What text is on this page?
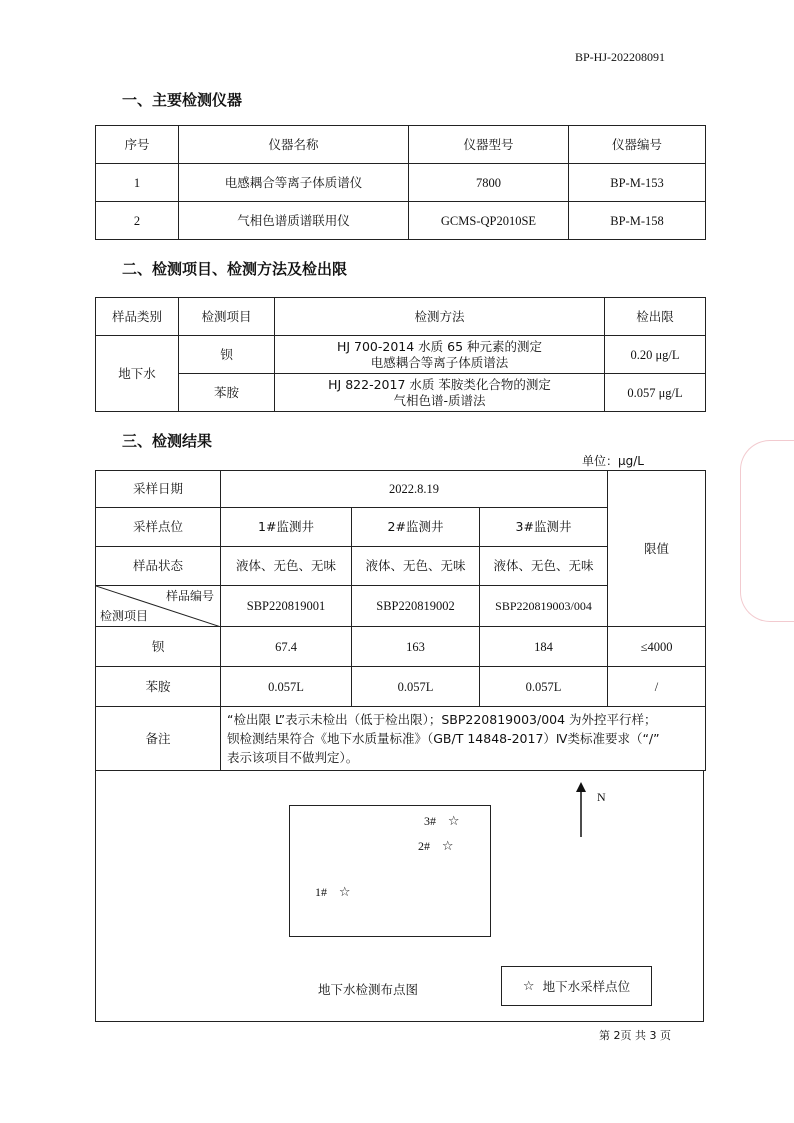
BP-HJ-202208091
一、主要检测仪器
序号	仪器名称	仪器型号	仪器编号
1	电感耦合等离子体质谱仪	7800	BP-M-153
2	气相色谱质谱联用仪	GCMS-QP2010SE	BP-M-158
二、检测项目、检测方法及检出限
样品类别	检测项目	检测方法	检出限
地下水	钡	HJ 700-2014 水质 65 种元素的测定
电感耦合等离子体质谱法	0.20 μg/L
	苯胺	HJ 822-2017 水质 苯胺类化合物的测定
气相色谱-质谱法	0.057 μg/L
三、检测结果
单位：μg/L
采样日期	2022.8.19			限值
采样点位	1#监测井	2#监测井	3#监测井	
样品状态	液体、无色、无味	液体、无色、无味	液体、无色、无味	

样品编号
检测项目	SBP220819001	SBP220819002	SBP220819003/004	
钡	67.4	163	184	≤4000
苯胺	0.057L	0.057L	0.057L	/
备注	“检出限 L”表示未检出（低于检出限）；SBP220819003/004 为外控平行样；
钡检测结果符合《地下水质量标准》（GB/T 14848-2017）Ⅳ类标准要求（“/”
表示该项目不做判定）。			
3# ☆
2# ☆
1# ☆
N
地下水检测布点图	☆ 地下水采样点位
第 2页 共 3 页
